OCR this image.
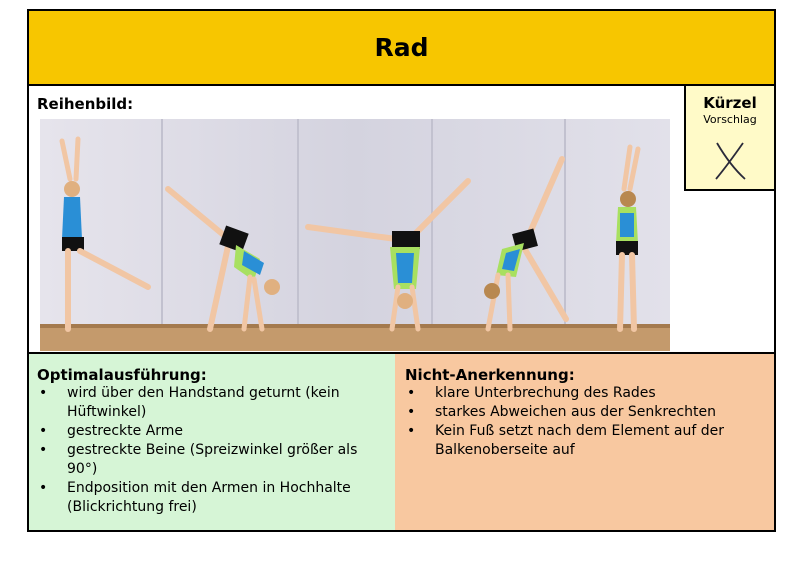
Rad
Reihenbild:	Kürzel
Vorschlag
Optimalausführung:
• wird über den Handstand geturnt (kein Hüftwinkel)
• gestreckte Arme
• gestreckte Beine (Spreizwinkel größer als 90°)
• Endposition mit den Armen in Hochhalte (Blickrichtung frei)
Nicht-Anerkennung:
• klare Unterbrechung des Rades
• starkes Abweichen aus der Senkrechten
• Kein Fuß setzt nach dem Element auf der Balkenoberseite auf
